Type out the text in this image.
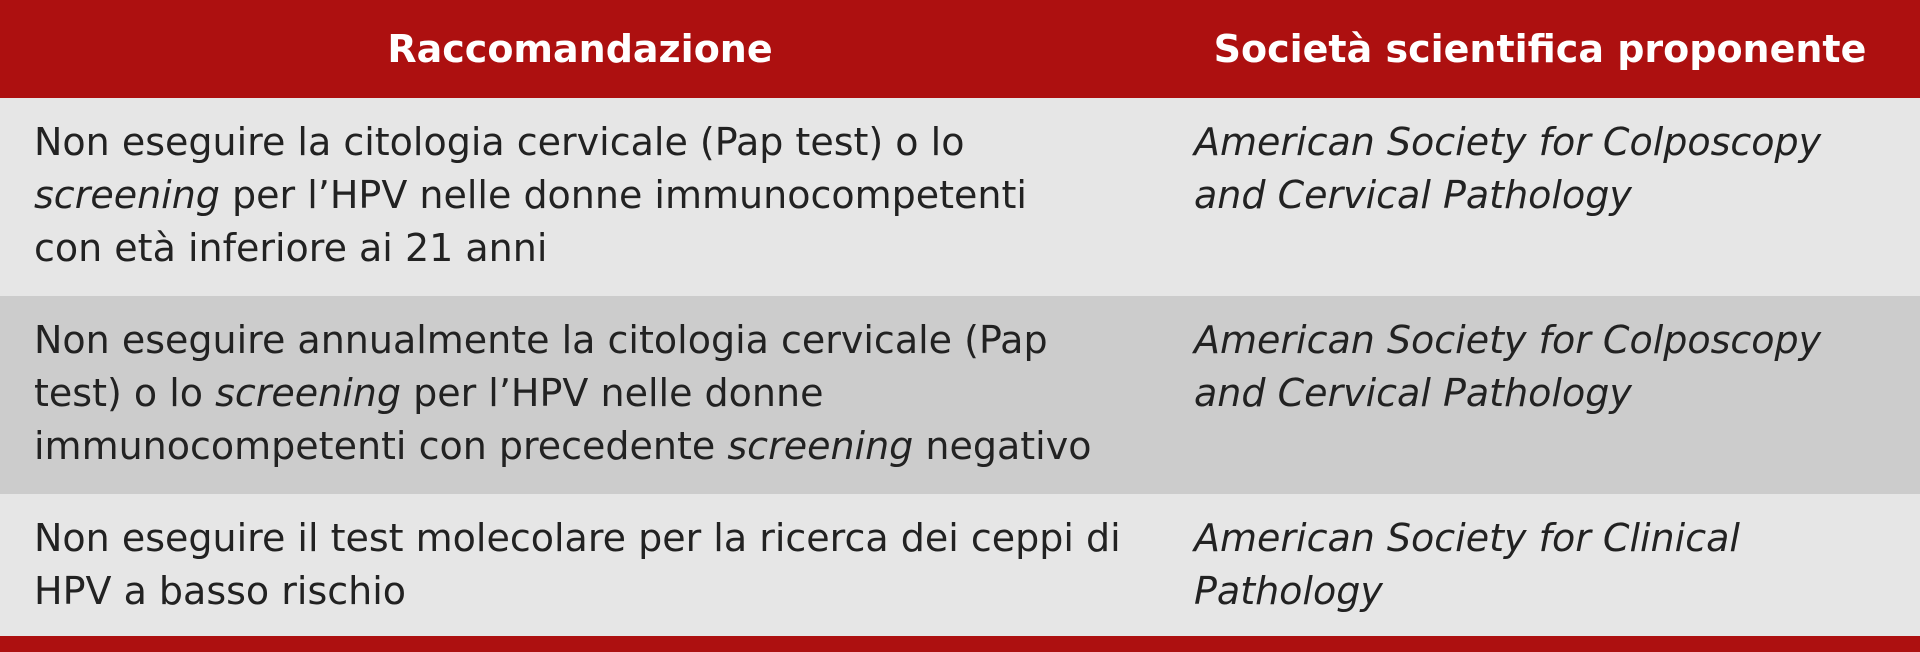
Raccomandazione	Società scientifica proponente
Non eseguire la citologia cervicale (Pap test) o lo
screening per l’HPV nelle donne immunocompetenti
con età inferiore ai 21 anni
American Society for Colposcopy
and Cervical Pathology
Non eseguire annualmente la citologia cervicale (Pap
test) o lo screening per l’HPV nelle donne
immunocompetenti con precedente screening negativo
American Society for Colposcopy
and Cervical Pathology
Non eseguire il test molecolare per la ricerca dei ceppi di
HPV a basso rischio
American Society for Clinical
Pathology
